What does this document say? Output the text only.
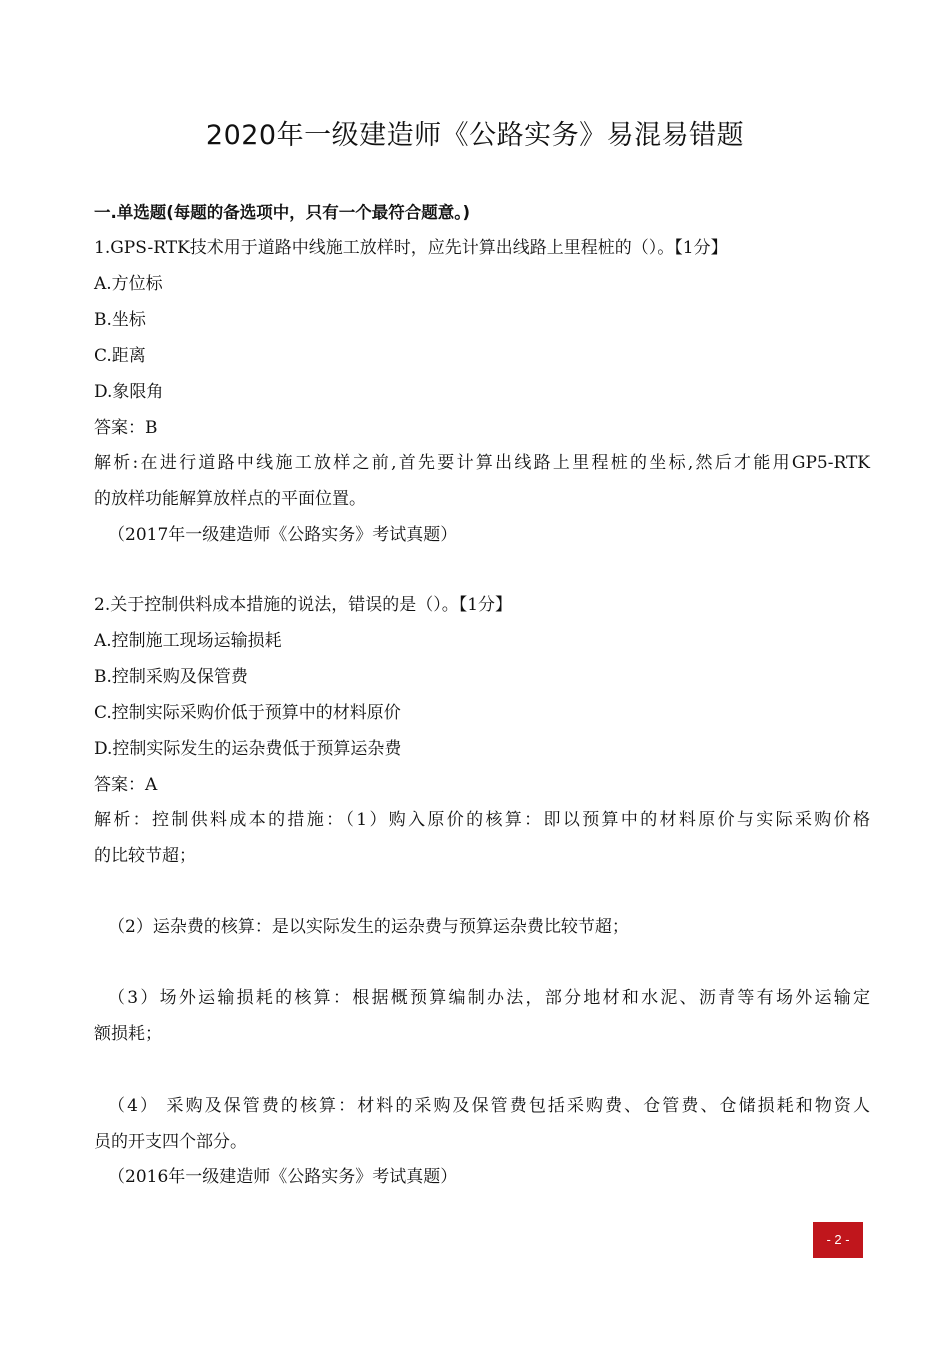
2020年一级建造师《公路实务》易混易错题
一.单选题(每题的备选项中，只有一个最符合题意。)
1.GPS-RTK技术用于道路中线施工放样时，应先计算出线路上里程桩的（）。【1分】
A.方位标
B.坐标
C.距离
D.象限角
答案：B
解析:在进行道路中线施工放样之前,首先要计算出线路上里程桩的坐标,然后才能用GP5-RTK
的放样功能解算放样点的平面位置。
（2017年一级建造师《公路实务》考试真题）
2.关于控制供料成本措施的说法，错误的是（）。【1分】
A.控制施工现场运输损耗
B.控制采购及保管费
C.控制实际采购价低于预算中的材料原价
D.控制实际发生的运杂费低于预算运杂费
答案：A
解析：控制供料成本的措施：（1）购入原价的核算：即以预算中的材料原价与实际采购价格
的比较节超；
（2）运杂费的核算：是以实际发生的运杂费与预算运杂费比较节超；
（3）场外运输损耗的核算：根据概预算编制办法，部分地材和水泥、沥青等有场外运输定
额损耗；
（4） 采购及保管费的核算：材料的采购及保管费包括采购费、仓管费、仓储损耗和物资人
员的开支四个部分。
（2016年一级建造师《公路实务》考试真题）
- 2 -
